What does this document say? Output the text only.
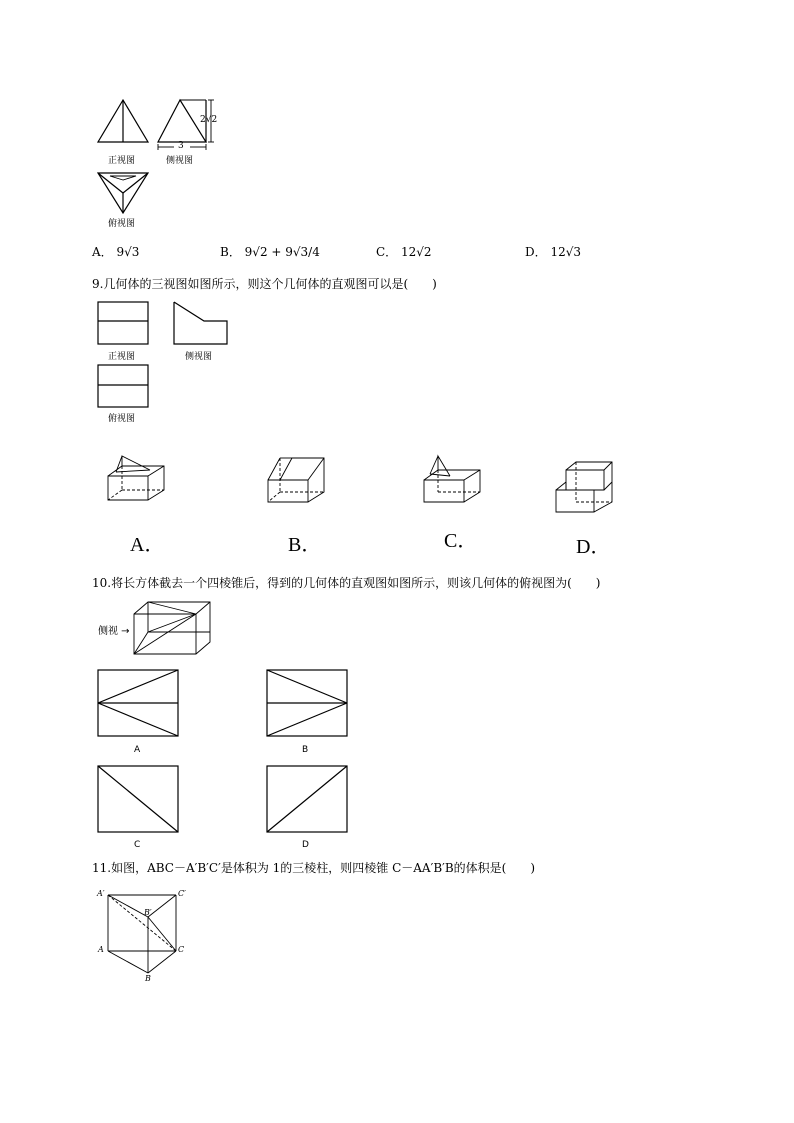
正视图
2√2
3
侧视图
俯视图
A． 9√3	B． 9√2 + 9√3/4	C． 12√2	D． 12√3
9.几何体的三视图如图所示，则这个几何体的直观图可以是(　　)
正视图	侧视图
俯视图
A．	B．	C．	D．
10.将长方体截去一个四棱锥后，得到的几何体的直观图如图所示，则该几何体的俯视图为(　　)
侧视 →
A	B
C	D
11.如图，ABC－A′B′C′是体积为 1的三棱柱，则四棱锥 C－AA′B′B的体积是(　　)
A′	C′
B′
A	C
B
